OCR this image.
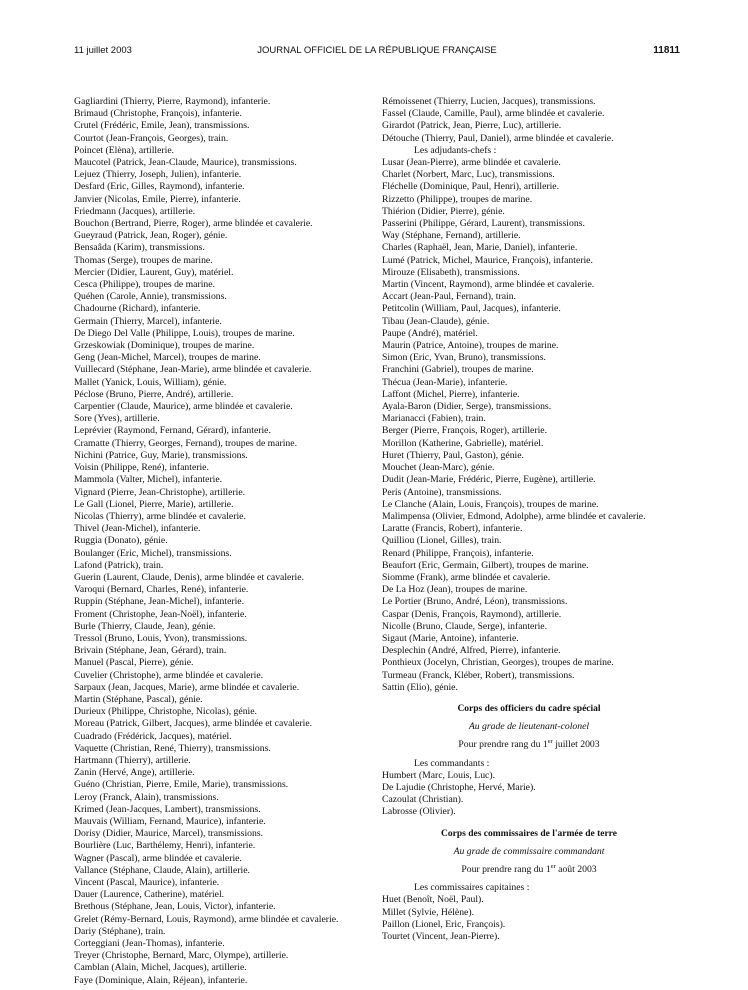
11 juillet 2003	JOURNAL OFFICIEL DE LA RÉPUBLIQUE FRANÇAISE	11811
Gagliardini (Thierry, Pierre, Raymond), infanterie.
Brimaud (Christophe, François), infanterie.
Crutel (Frédéric, Emile, Jean), transmissions.
Courtot (Jean-François, Georges), train.
Poincet (Elèna), artillerie.
Maucotel (Patrick, Jean-Claude, Maurice), transmissions.
Lejuez (Thierry, Joseph, Julien), infanterie.
Desfard (Eric, Gilles, Raymond), infanterie.
Janvier (Nicolas, Emile, Pierre), infanterie.
Friedmann (Jacques), artillerie.
Bouchon (Bertrand, Pierre, Roger), arme blindée et cavalerie.
Gueyraud (Patrick, Jean, Roger), génie.
Bensaâda (Karim), transmissions.
Thomas (Serge), troupes de marine.
Mercier (Didier, Laurent, Guy), matériel.
Cesca (Philippe), troupes de marine.
Quéhen (Carole, Annie), transmissions.
Chadourne (Richard), infanterie.
Germain (Thierry, Marcel), infanterie.
De Diego Del Valle (Philippe, Louis), troupes de marine.
Grzeskowiak (Dominique), troupes de marine.
Geng (Jean-Michel, Marcel), troupes de marine.
Vuillecard (Stéphane, Jean-Marie), arme blindée et cavalerie.
Mallet (Yanick, Louis, William), génie.
Péclose (Bruno, Pierre, André), artillerie.
Carpentier (Claude, Maurice), arme blindée et cavalerie.
Sore (Yves), artillerie.
Leprévier (Raymond, Fernand, Gérard), infanterie.
Cramatte (Thierry, Georges, Fernand), troupes de marine.
Nichini (Patrice, Guy, Marie), transmissions.
Voisin (Philippe, René), infanterie.
Mammola (Valter, Michel), infanterie.
Vignard (Pierre, Jean-Christophe), artillerie.
Le Gall (Lionel, Pierre, Marie), artillerie.
Nicolas (Thierry), arme blindée et cavalerie.
Thivel (Jean-Michel), infanterie.
Ruggia (Donato), génie.
Boulanger (Eric, Michel), transmissions.
Lafond (Patrick), train.
Guerin (Laurent, Claude, Denis), arme blindée et cavalerie.
Varoqui (Bernard, Charles, René), infanterie.
Ruppin (Stéphane, Jean-Michel), infanterie.
Froment (Christophe, Jean-Noël), infanterie.
Burle (Thierry, Claude, Jean), génie.
Tressol (Bruno, Louis, Yvon), transmissions.
Brivain (Stéphane, Jean, Gérard), train.
Manuel (Pascal, Pierre), génie.
Cuvelier (Christophe), arme blindée et cavalerie.
Sarpaux (Jean, Jacques, Marie), arme blindée et cavalerie.
Martin (Stéphane, Pascal), génie.
Durieux (Philippe, Christophe, Nicolas), génie.
Moreau (Patrick, Gilbert, Jacques), arme blindée et cavalerie.
Cuadrado (Frédérick, Jacques), matériel.
Vaquette (Christian, René, Thierry), transmissions.
Hartmann (Thierry), artillerie.
Zanin (Hervé, Ange), artillerie.
Guéno (Christian, Pierre, Emile, Marie), transmissions.
Leroy (Franck, Alain), transmissions.
Krimed (Jean-Jacques, Lambert), transmissions.
Mauvais (William, Fernand, Maurice), infanterie.
Dorisy (Didier, Maurice, Marcel), transmissions.
Bourlière (Luc, Barthélemy, Henri), infanterie.
Wagner (Pascal), arme blindée et cavalerie.
Vallance (Stéphane, Claude, Alain), artillerie.
Vincent (Pascal, Maurice), infanterie.
Dauer (Laurence, Catherine), matériel.
Brethous (Stéphane, Jean, Louis, Victor), infanterie.
Grelet (Rémy-Bernard, Louis, Raymond), arme blindée et cavalerie.
Dariy (Stéphane), train.
Corteggiani (Jean-Thomas), infanterie.
Treyer (Christophe, Bernard, Marc, Olympe), artillerie.
Camblan (Alain, Michel, Jacques), artillerie.
Faye (Dominique, Alain, Réjean), infanterie.
Rémoissenet (Thierry, Lucien, Jacques), transmissions.
Fassel (Claude, Camille, Paul), arme blindée et cavalerie.
Girardot (Patrick, Jean, Pierre, Luc), artillerie.
Détouche (Thierry, Paul, Daniel), arme blindée et cavalerie.
Les adjudants-chefs :
Lusar (Jean-Pierre), arme blindée et cavalerie.
Charlet (Norbert, Marc, Luc), transmissions.
Fléchelle (Dominique, Paul, Henri), artillerie.
Rizzetto (Philippe), troupes de marine.
Thiérion (Didier, Pierre), génie.
Passerini (Philippe, Gérard, Laurent), transmissions.
Way (Stéphane, Fernand), artillerie.
Charles (Raphaël, Jean, Marie, Daniel), infanterie.
Lumé (Patrick, Michel, Maurice, François), infanterie.
Mirouze (Elisabeth), transmissions.
Martin (Vincent, Raymond), arme blindée et cavalerie.
Accart (Jean-Paul, Fernand), train.
Petitcolin (William, Paul, Jacques), infanterie.
Tibau (Jean-Claude), génie.
Paupe (André), matériel.
Maurin (Patrice, Antoine), troupes de marine.
Simon (Eric, Yvan, Bruno), transmissions.
Franchini (Gabriel), troupes de marine.
Thécua (Jean-Marie), infanterie.
Laffont (Michel, Pierre), infanterie.
Ayala-Baron (Didier, Serge), transmissions.
Marianacci (Fabien), train.
Berger (Pierre, François, Roger), artillerie.
Morillon (Katherine, Gabrielle), matériel.
Huret (Thierry, Paul, Gaston), génie.
Mouchet (Jean-Marc), génie.
Dudit (Jean-Marie, Frédéric, Pierre, Eugène), artillerie.
Peris (Antoine), transmissions.
Le Clanche (Alain, Louis, François), troupes de marine.
Malimpensa (Olivier, Edmond, Adolphe), arme blindée et cavalerie.
Laratte (Francis, Robert), infanterie.
Quilliou (Lionel, Gilles), train.
Renard (Philippe, François), infanterie.
Beaufort (Eric, Germain, Gilbert), troupes de marine.
Siomme (Frank), arme blindée et cavalerie.
De La Hoz (Jean), troupes de marine.
Le Portier (Bruno, André, Léon), transmissions.
Caspar (Denis, François, Raymond), artillerie.
Nicolle (Bruno, Claude, Serge), infanterie.
Sigaut (Marie, Antoine), infanterie.
Desplechin (André, Alfred, Pierre), infanterie.
Ponthieux (Jocelyn, Christian, Georges), troupes de marine.
Turmeau (Franck, Kléber, Robert), transmissions.
Sattin (Elio), génie.
Corps des officiers du cadre spécial
Au grade de lieutenant-colonel
Pour prendre rang du 1er juillet 2003
Les commandants :
Humbert (Marc, Louis, Luc).
De Lajudie (Christophe, Hervé, Marie).
Cazoulat (Christian).
Labrosse (Olivier).
Corps des commissaires de l'armée de terre
Au grade de commissaire commandant
Pour prendre rang du 1er août 2003
Les commissaires capitaines :
Huet (Benoît, Noël, Paul).
Millet (Sylvie, Hélène).
Paillon (Lionel, Eric, François).
Tourtet (Vincent, Jean-Pierre).
